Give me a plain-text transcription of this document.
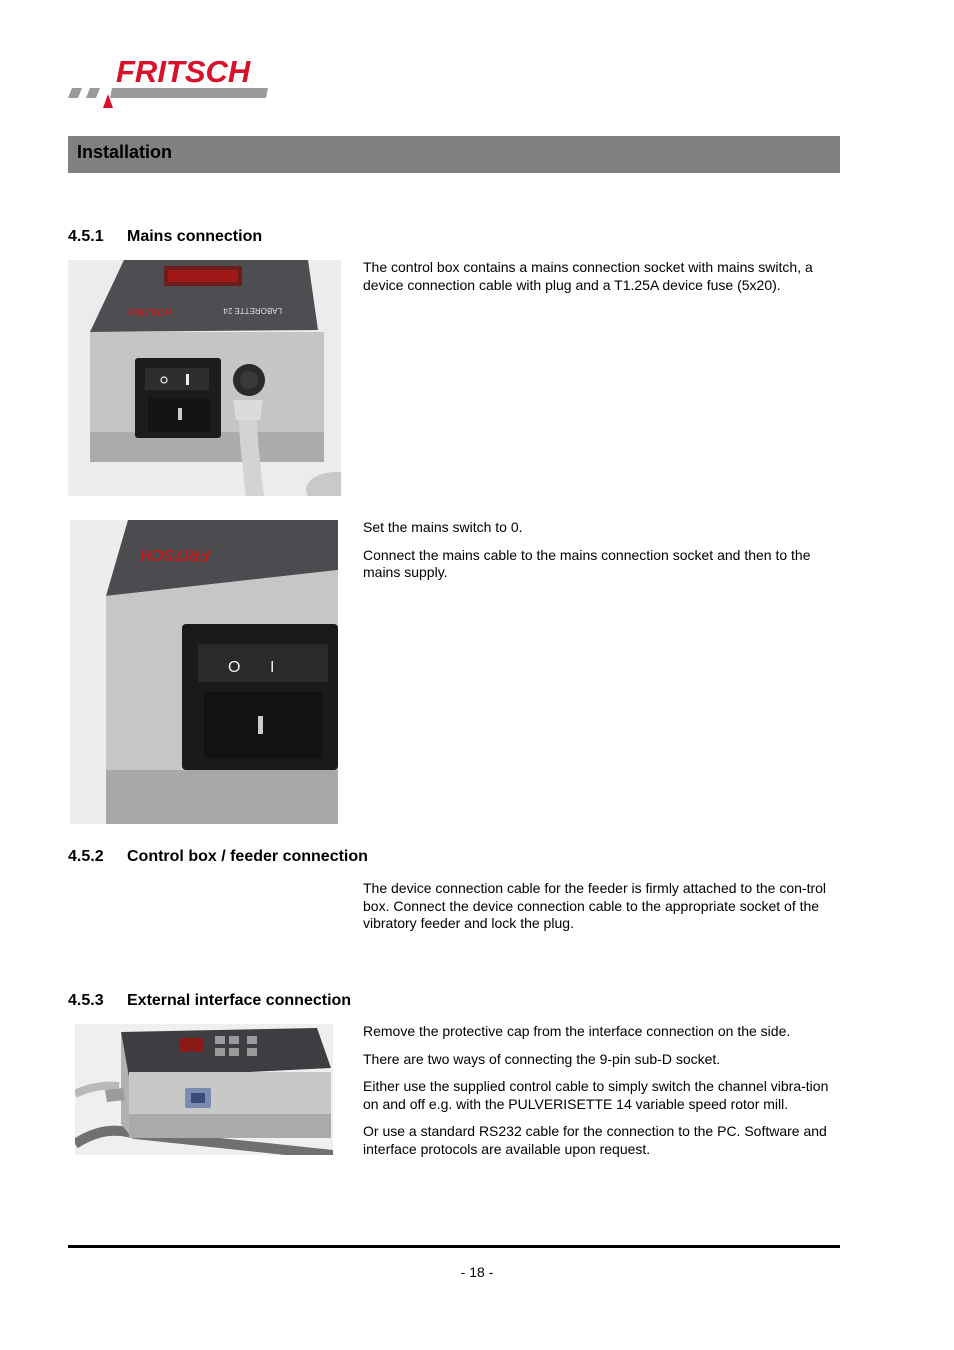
FRITSCH
Installation
4.5.1 Mains connection
FRITSCH	LABORETTE 24

The control box contains a mains connection socket with mains switch, a device connection cable with plug and a T1.25A device fuse (5x20).

FRITSCH
O I

Set the mains switch to 0.

Connect the mains cable to the mains connection socket and then to the mains supply.

4.5.2 Control box / feeder connection

The device connection cable for the feeder is firmly attached to the con-trol box. Connect the device connection cable to the appropriate socket of the vibratory feeder and lock the plug.

4.5.3 External interface connection

Remove the protective cap from the interface connection on the side.

There are two ways of connecting the 9-pin sub-D socket.

Either use the supplied control cable to simply switch the channel vibra-tion on and off e.g. with the PULVERISETTE 14 variable speed rotor mill.

Or use a standard RS232 cable for the connection to the PC. Software and interface protocols are available upon request.

- 18 -
